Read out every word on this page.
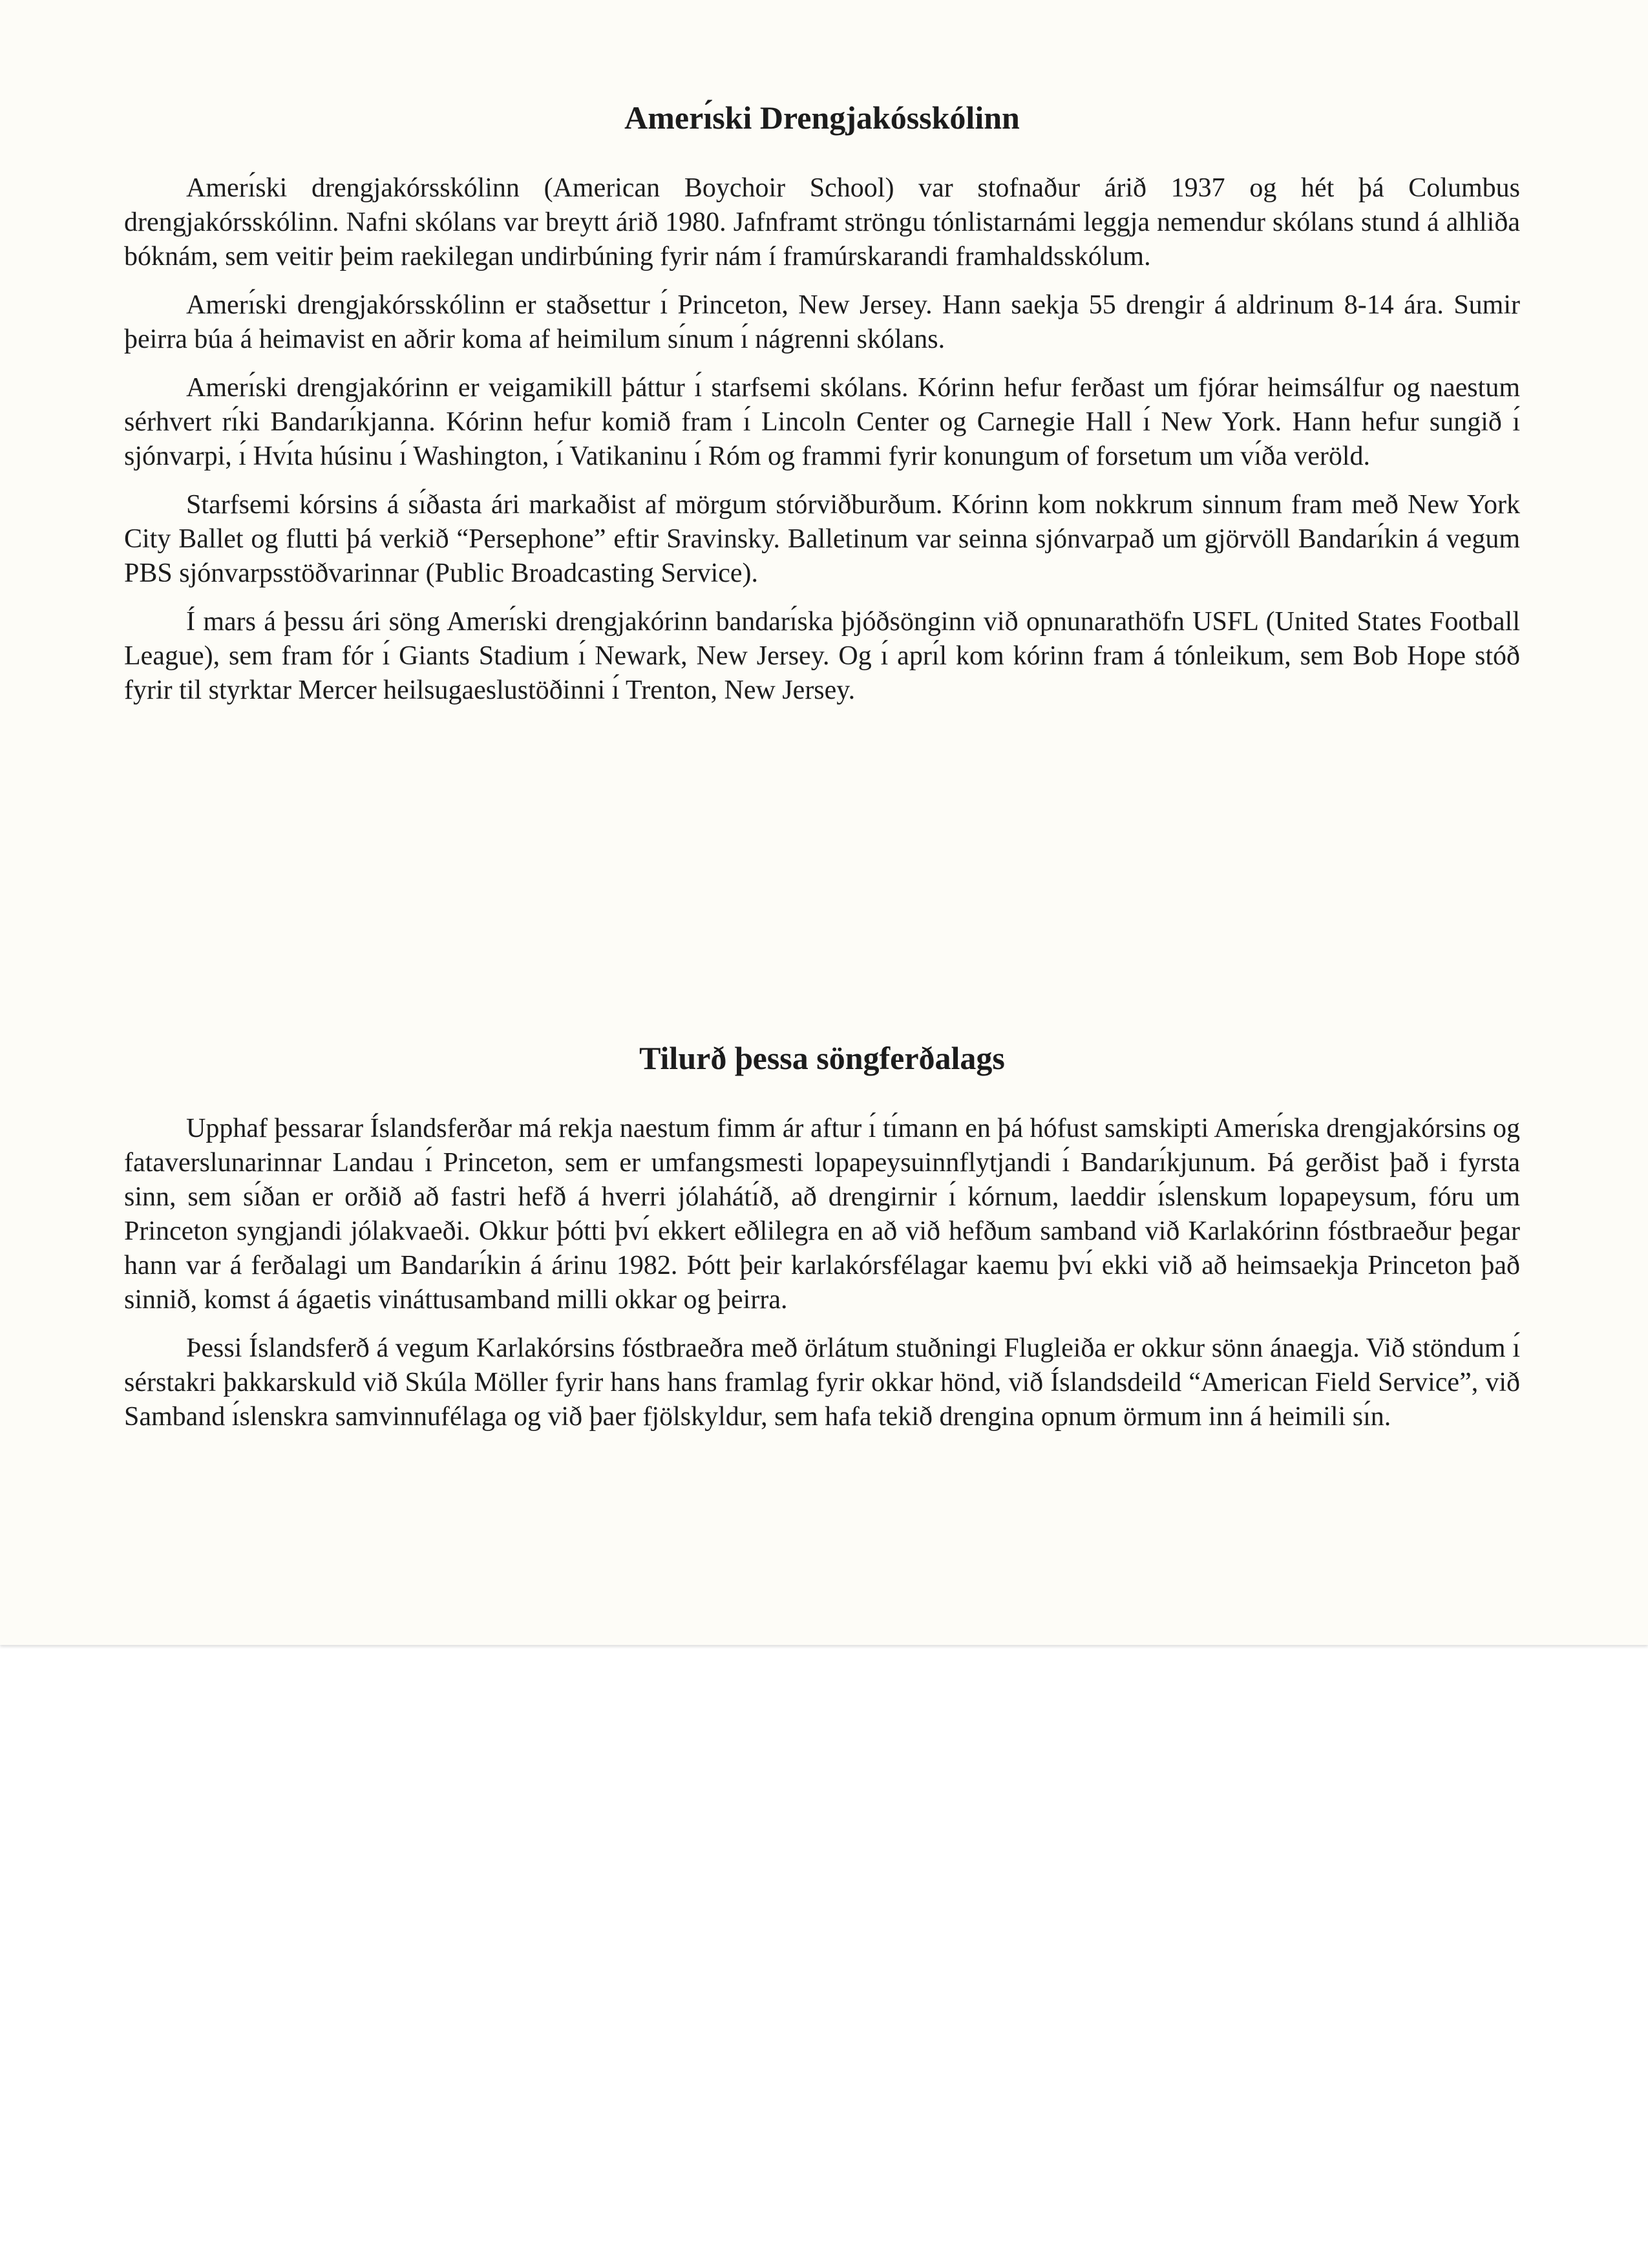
Amerı́ski Drengjakósskólinn

Amerı́ski drengjakórsskólinn (American Boychoir School) var stofnaður árið 1937 og hét þá Columbus drengjakórsskólinn. Nafni skólans var breytt árið 1980. Jafnframt ströngu tónlistarnámi leggja nemendur skólans stund á alhliða bóknám, sem veitir þeim raekilegan undirbúning fyrir nám í framúrskarandi framhaldsskólum.

Amerı́ski drengjakórsskólinn er staðsettur ı́ Princeton, New Jersey. Hann saekja 55 drengir á aldrinum 8-14 ára. Sumir þeirra búa á heimavist en aðrir koma af heimilum sı́num ı́ nágrenni skólans.

Amerı́ski drengjakórinn er veigamikill þáttur ı́ starfsemi skólans. Kórinn hefur ferðast um fjórar heimsálfur og naestum sérhvert rı́ki Bandarı́kjanna. Kórinn hefur komið fram ı́ Lincoln Center og Carnegie Hall ı́ New York. Hann hefur sungið ı́ sjónvarpi, ı́ Hvı́ta húsinu ı́ Washington, ı́ Vatikaninu ı́ Róm og frammi fyrir konungum of forsetum um vı́ða veröld.

Starfsemi kórsins á sı́ðasta ári markaðist af mörgum stórviðburðum. Kórinn kom nokkrum sinnum fram með New York City Ballet og flutti þá verkið “Persephone” eftir Sravinsky. Balletinum var seinna sjónvarpað um gjörvöll Bandarı́kin á vegum PBS sjónvarpsstöðvarinnar (Public Broadcasting Service).

Í mars á þessu ári söng Amerı́ski drengjakórinn bandarı́ska þjóðsönginn við opnunarathöfn USFL (United States Football League), sem fram fór ı́ Giants Stadium ı́ Newark, New Jersey. Og ı́ aprı́l kom kórinn fram á tónleikum, sem Bob Hope stóð fyrir til styrktar Mercer heilsugaeslustöðinni ı́ Trenton, New Jersey.

Tilurð þessa söngferðalags

Upphaf þessarar Íslandsferðar má rekja naestum fimm ár aftur ı́ tı́mann en þá hófust samskipti Amerı́ska drengjakórsins og fataverslunarinnar Landau ı́ Princeton, sem er umfangsmesti lopapeysuinnflytjandi ı́ Bandarı́kjunum. Þá gerðist það i fyrsta sinn, sem sı́ðan er orðið að fastri hefð á hverri jólahátı́ð, að drengirnir ı́ kórnum, laeddir ı́slenskum lopapeysum, fóru um Princeton syngjandi jólakvaeði. Okkur þótti þvı́ ekkert eðlilegra en að við hefðum samband við Karlakórinn fóstbraeður þegar hann var á ferðalagi um Bandarı́kin á árinu 1982. Þótt þeir karlakórsfélagar kaemu þvı́ ekki við að heimsaekja Princeton það sinnið, komst á ágaetis vináttusamband milli okkar og þeirra.

Þessi Íslandsferð á vegum Karlakórsins fóstbraeðra með örlátum stuðningi Flugleiða er okkur sönn ánaegja. Við stöndum ı́ sérstakri þakkarskuld við Skúla Möller fyrir hans hans framlag fyrir okkar hönd, við Íslandsdeild “American Field Service”, við Samband ı́slenskra samvinnufélaga og við þaer fjölskyldur, sem hafa tekið drengina opnum örmum inn á heimili sı́n.
